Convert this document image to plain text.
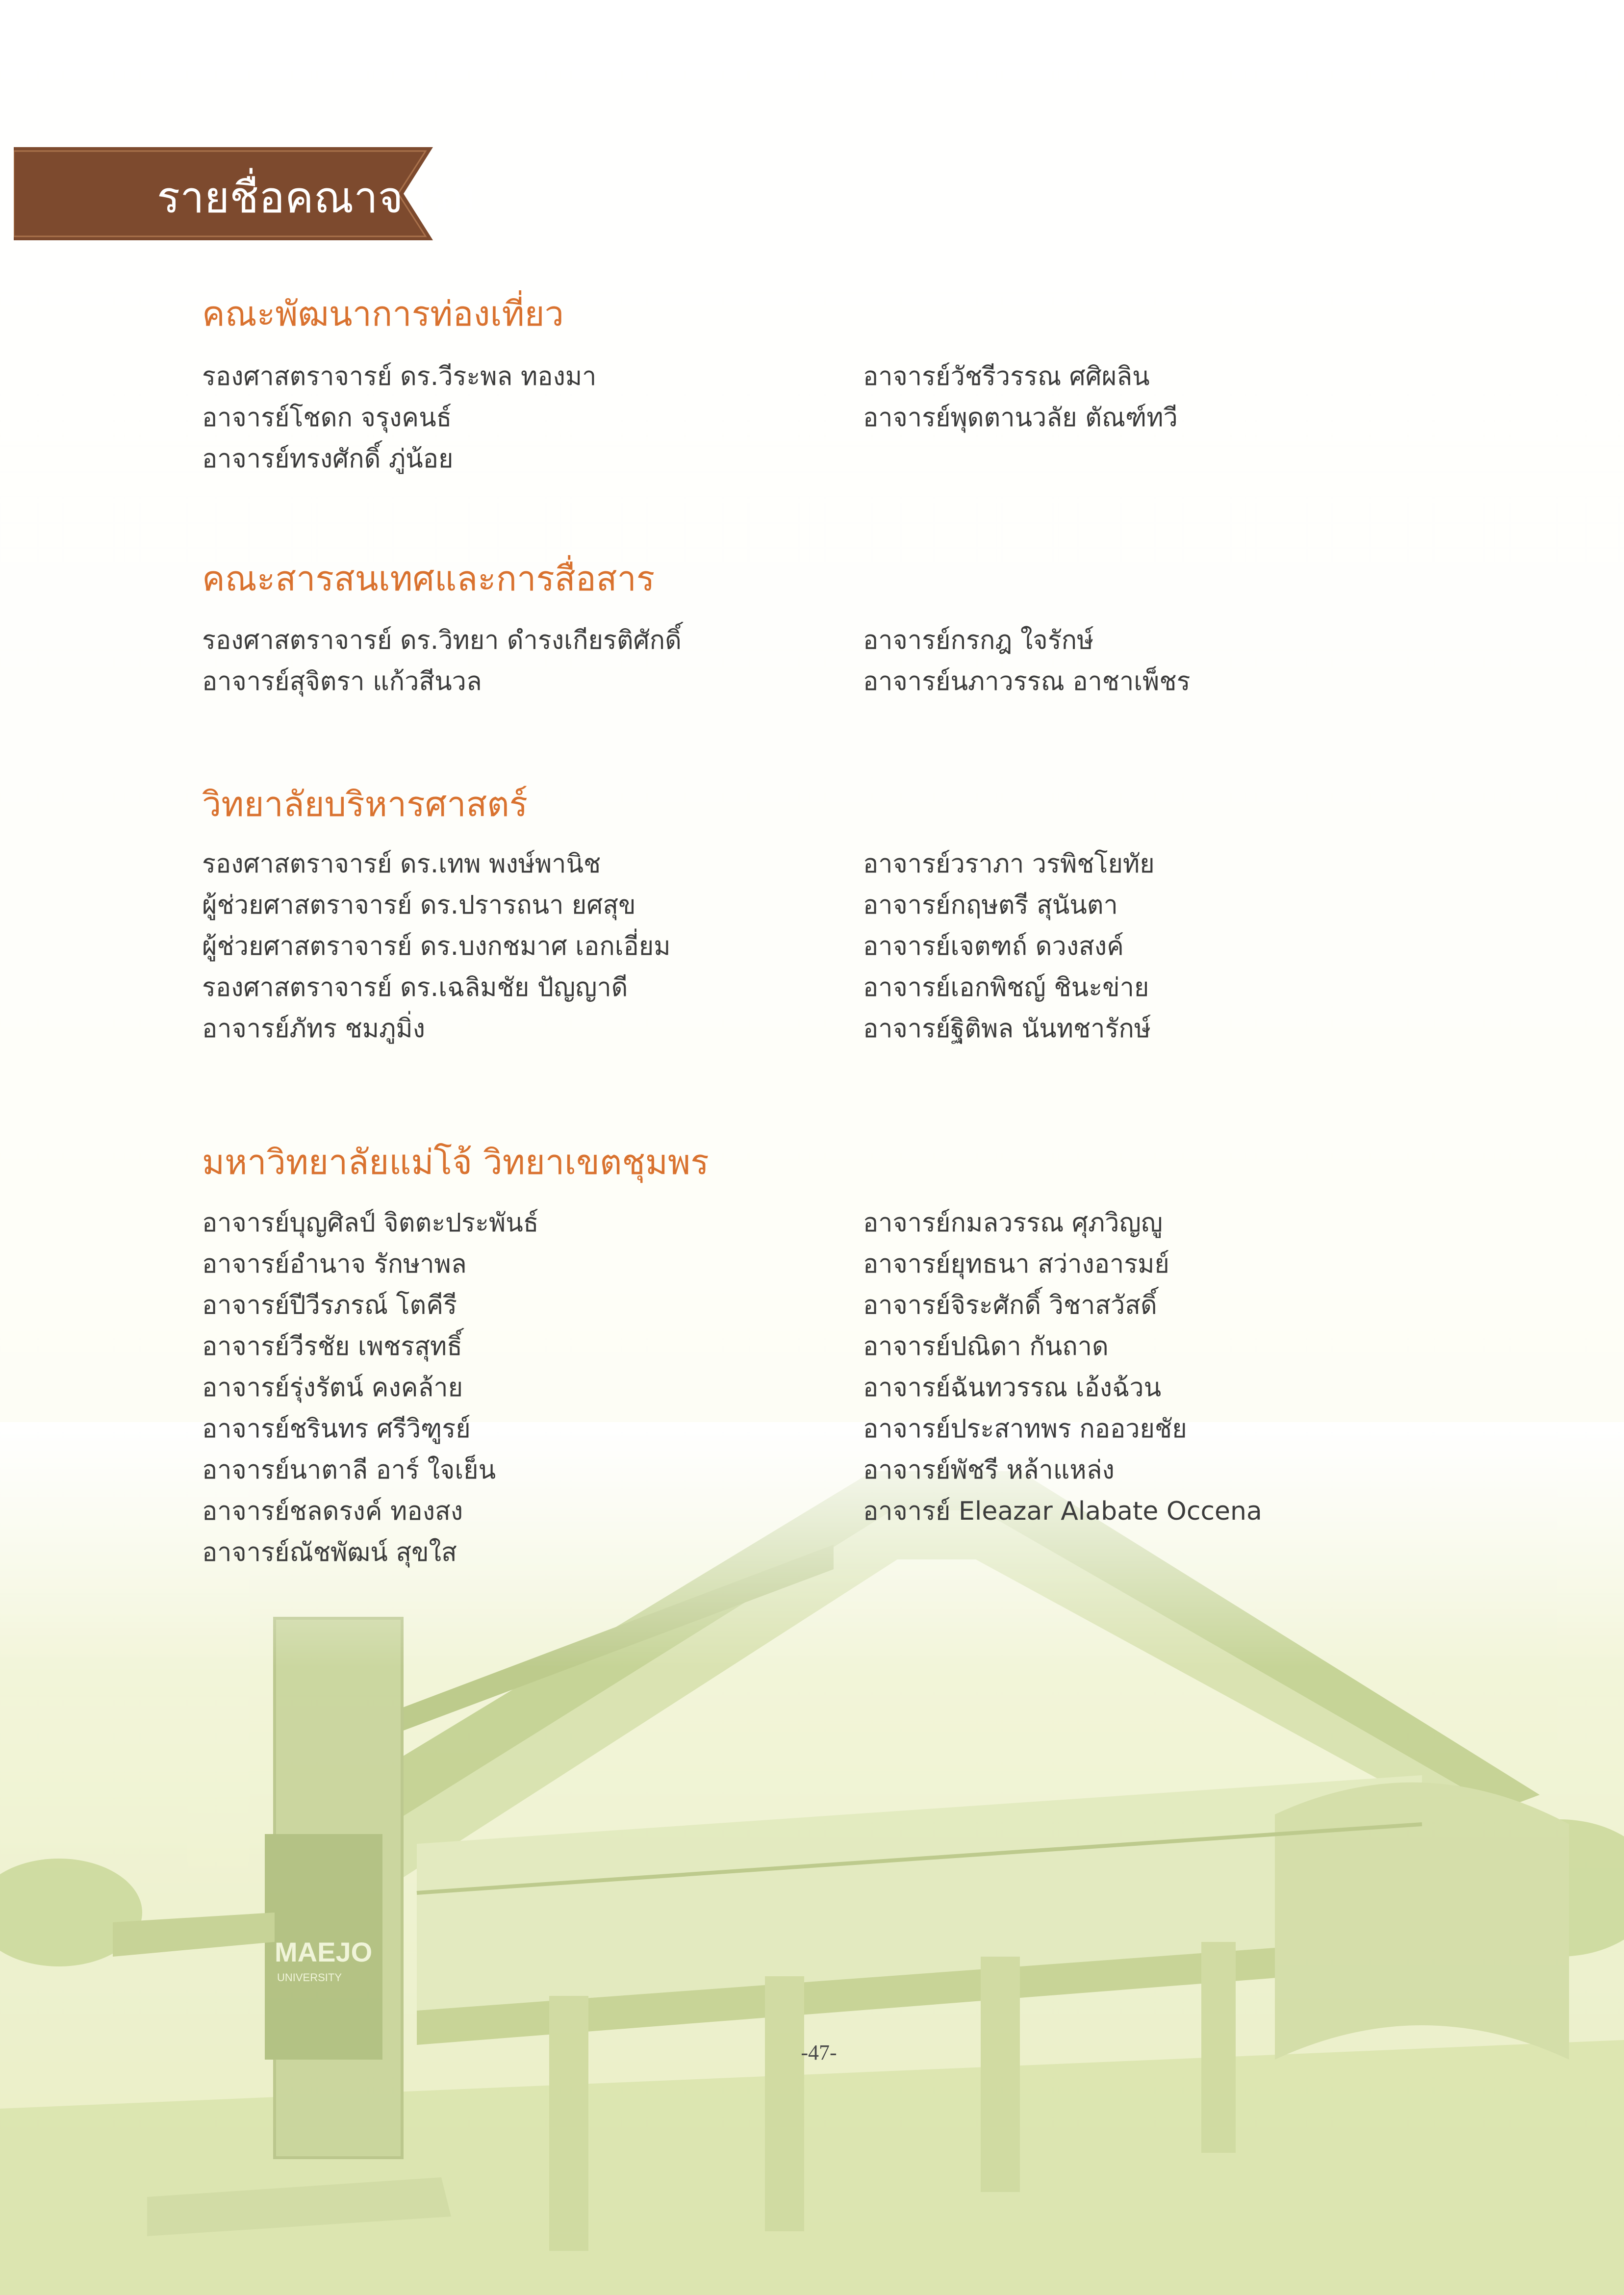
MAEJO
UNIVERSITY
รายชื่อคณาจารย์
คณะพัฒนาการท่องเที่ยว
รองศาสตราจารย์ ดร.วีระพล ทองมา
อาจารย์โชดก จรุงคนธ์
อาจารย์ทรงศักดิ์ ภู่น้อย
อาจารย์วัชรีวรรณ ศศิผลิน
อาจารย์พุดตานวลัย ตัณฑ์ทวี
คณะสารสนเทศและการสื่อสาร
รองศาสตราจารย์ ดร.วิทยา ดำรงเกียรติศักดิ์
อาจารย์สุจิตรา แก้วสีนวล
อาจารย์กรกฎ ใจรักษ์
อาจารย์นภาวรรณ อาชาเพ็ชร
วิทยาลัยบริหารศาสตร์
รองศาสตราจารย์ ดร.เทพ พงษ์พานิช
ผู้ช่วยศาสตราจารย์ ดร.ปรารถนา ยศสุข
ผู้ช่วยศาสตราจารย์ ดร.บงกชมาศ เอกเอี่ยม
รองศาสตราจารย์ ดร.เฉลิมชัย ปัญญาดี
อาจารย์ภัทร ชมภูมิ่ง
อาจารย์วราภา วรพิชโยทัย
อาจารย์กฤษตรี สุนันตา
อาจารย์เจตฑถ์ ดวงสงค์
อาจารย์เอกพิชญ์ ชินะข่าย
อาจารย์ฐิติพล นันทชารักษ์
มหาวิทยาลัยแม่โจ้ วิทยาเขตชุมพร
อาจารย์บุญศิลป์ จิตตะประพันธ์
อาจารย์อำนาจ รักษาพล
อาจารย์ปีวีรภรณ์ โตคีรี
อาจารย์วีรชัย เพชรสุทธิ์
อาจารย์รุ่งรัตน์ คงคล้าย
อาจารย์ชรินทร ศรีวิฑูรย์
อาจารย์นาตาลี อาร์ ใจเย็น
อาจารย์ชลดรงค์ ทองสง
อาจารย์ณัชพัฒน์ สุขใส
อาจารย์กมลวรรณ ศุภวิญญู
อาจารย์ยุทธนา สว่างอารมย์
อาจารย์จิระศักดิ์ วิชาสวัสดิ์
อาจารย์ปณิดา กันถาด
อาจารย์ฉันทวรรณ เอ้งฉ้วน
อาจารย์ประสาทพร กออวยชัย
อาจารย์พัชรี หล้าแหล่ง
อาจารย์ Eleazar Alabate Occena
-47-
